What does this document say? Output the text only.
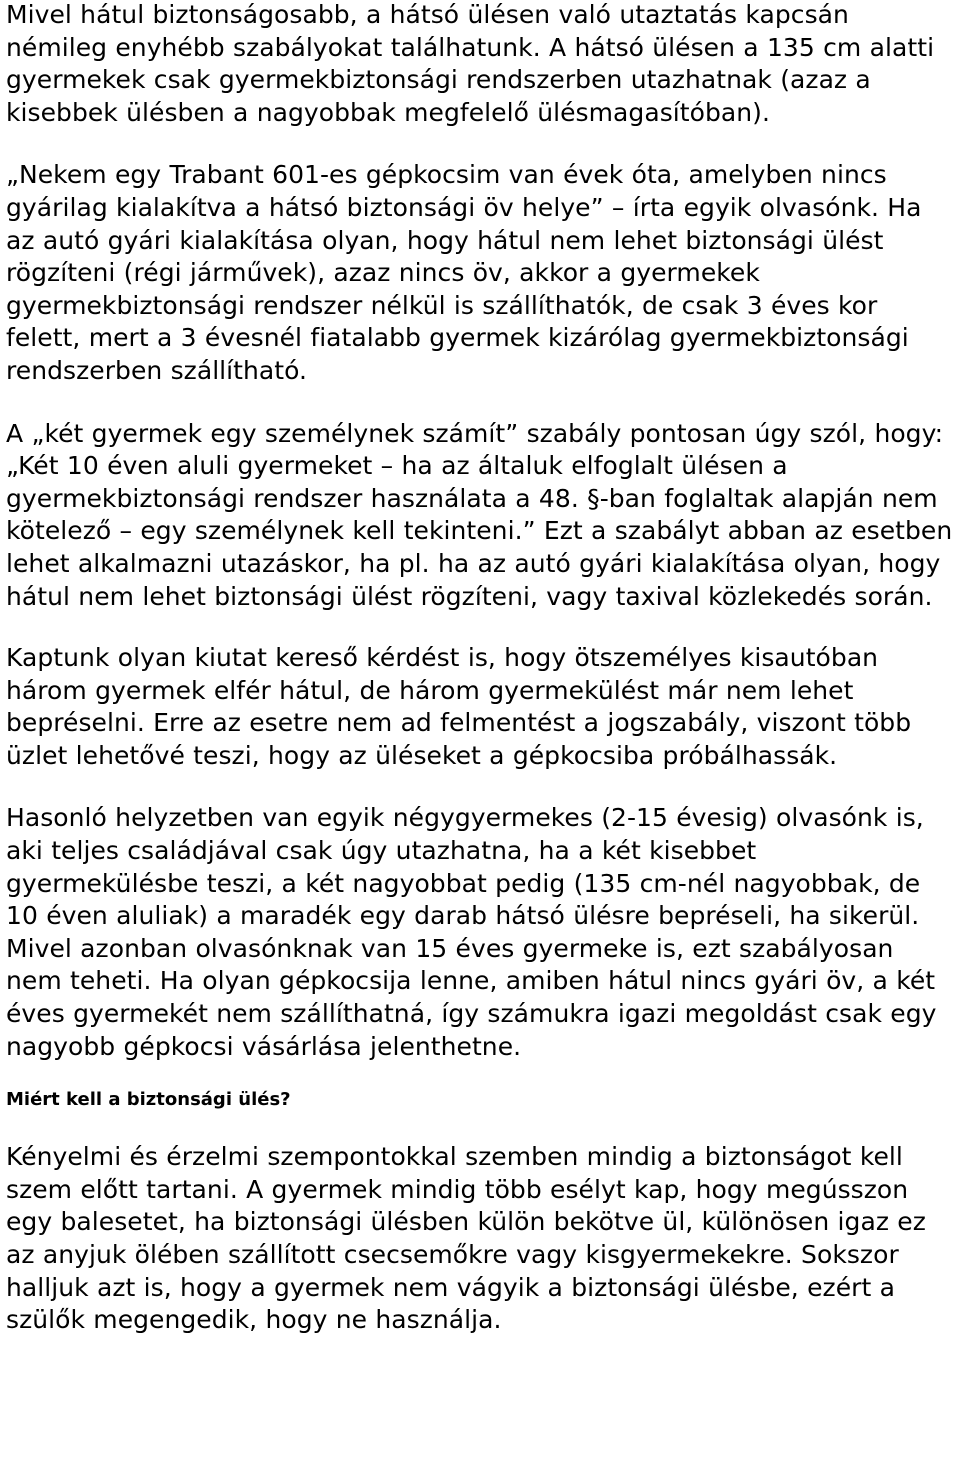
Mivel hátul biztonságosabb, a hátsó ülésen való utaztatás kapcsán némileg enyhébb szabályokat találhatunk. A hátsó ülésen a 135 cm alatti gyermekek csak gyermekbiztonsági rendszerben utazhatnak (azaz a kisebbek ülésben a nagyobbak megfelelő ülésmagasítóban).

„Nekem egy Trabant 601-es gépkocsim van évek óta, amelyben nincs gyárilag kialakítva a hátsó biztonsági öv helye” – írta egyik olvasónk. Ha az autó gyári kialakítása olyan, hogy hátul nem lehet biztonsági ülést rögzíteni (régi járművek), azaz nincs öv, akkor a gyermekek gyermekbiztonsági rendszer nélkül is szállíthatók, de csak 3 éves kor felett, mert a 3 évesnél fiatalabb gyermek kizárólag gyermekbiztonsági rendszerben szállítható.

A „két gyermek egy személynek számít” szabály pontosan úgy szól, hogy: „Két 10 éven aluli gyermeket – ha az általuk elfoglalt ülésen a gyermekbiztonsági rendszer használata a 48. §-ban foglaltak alapján nem kötelező – egy személynek kell tekinteni.” Ezt a szabályt abban az esetben lehet alkalmazni utazáskor, ha pl. ha az autó gyári kialakítása olyan, hogy hátul nem lehet biztonsági ülést rögzíteni, vagy taxival közlekedés során.

Kaptunk olyan kiutat kereső kérdést is, hogy ötszemélyes kisautóban három gyermek elfér hátul, de három gyermekülést már nem lehet bepréselni. Erre az esetre nem ad felmentést a jogszabály, viszont több üzlet lehetővé teszi, hogy az üléseket a gépkocsiba próbálhassák.

Hasonló helyzetben van egyik négygyermekes (2-15 évesig) olvasónk is, aki teljes családjával csak úgy utazhatna, ha a két kisebbet gyermekülésbe teszi, a két nagyobbat pedig (135 cm-nél nagyobbak, de 10 éven aluliak) a maradék egy darab hátsó ülésre bepréseli, ha sikerül. Mivel azonban olvasónknak van 15 éves gyermeke is, ezt szabályosan nem teheti. Ha olyan gépkocsija lenne, amiben hátul nincs gyári öv, a két éves gyermekét nem szállíthatná, így számukra igazi megoldást csak egy nagyobb gépkocsi vásárlása jelenthetne.

Miért kell a biztonsági ülés?

Kényelmi és érzelmi szempontokkal szemben mindig a biztonságot kell szem előtt tartani. A gyermek mindig több esélyt kap, hogy megússzon egy balesetet, ha biztonsági ülésben külön bekötve ül, különösen igaz ez az anyjuk ölében szállított csecsemőkre vagy kisgyermekekre. Sokszor halljuk azt is, hogy a gyermek nem vágyik a biztonsági ülésbe, ezért a szülők megengedik, hogy ne használja.
